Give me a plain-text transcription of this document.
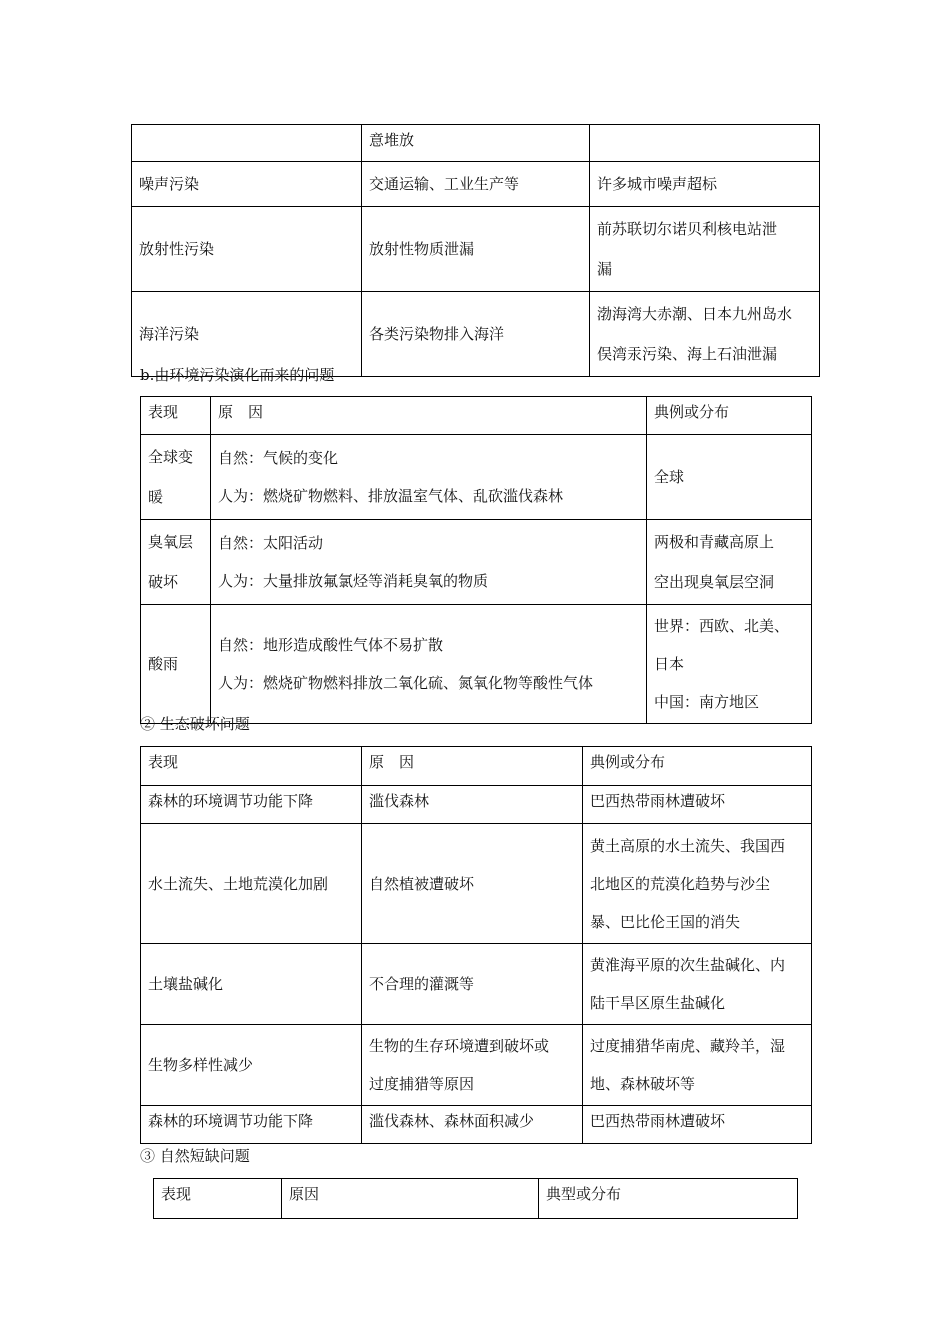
	意堆放	
噪声污染	交通运输、工业生产等	许多城市噪声超标
放射性污染	放射性物质泄漏	前苏联切尔诺贝利核电站泄
漏

海洋污染	各类污染物排入海洋	渤海湾大赤潮、日本九州岛水
俣湾汞污染、海上石油泄漏
b.由环境污染演化而来的问题
表现	原　因	典例或分布

全球变
暖	自然：气候的变化
人为：燃烧矿物燃料、排放温室气体、乱砍滥伐森林	全球

臭氧层
破坏	自然：太阳活动
人为：大量排放氟氯烃等消耗臭氧的物质	两极和青藏高原上
空出现臭氧层空洞

酸雨	自然：地形造成酸性气体不易扩散
人为：燃烧矿物燃料排放二氧化硫、氮氧化物等酸性气体	世界：西欧、北美、
日本
中国：南方地区
② 生态破坏问题
表现	原　因	典例或分布
森林的环境调节功能下降	滥伐森林	巴西热带雨林遭破坏
水土流失、土地荒漠化加剧	自然植被遭破坏	黄土高原的水土流失、我国西
北地区的荒漠化趋势与沙尘
暴、巴比伦王国的消失

土壤盐碱化	不合理的灌溉等	黄淮海平原的次生盐碱化、内
陆干旱区原生盐碱化

生物多样性减少	生物的生存环境遭到破坏或
过度捕猎等原因	过度捕猎华南虎、藏羚羊，湿
地、森林破坏等

森林的环境调节功能下降	滥伐森林、森林面积减少	巴西热带雨林遭破坏
③ 自然短缺问题
表现	原因	典型或分布
